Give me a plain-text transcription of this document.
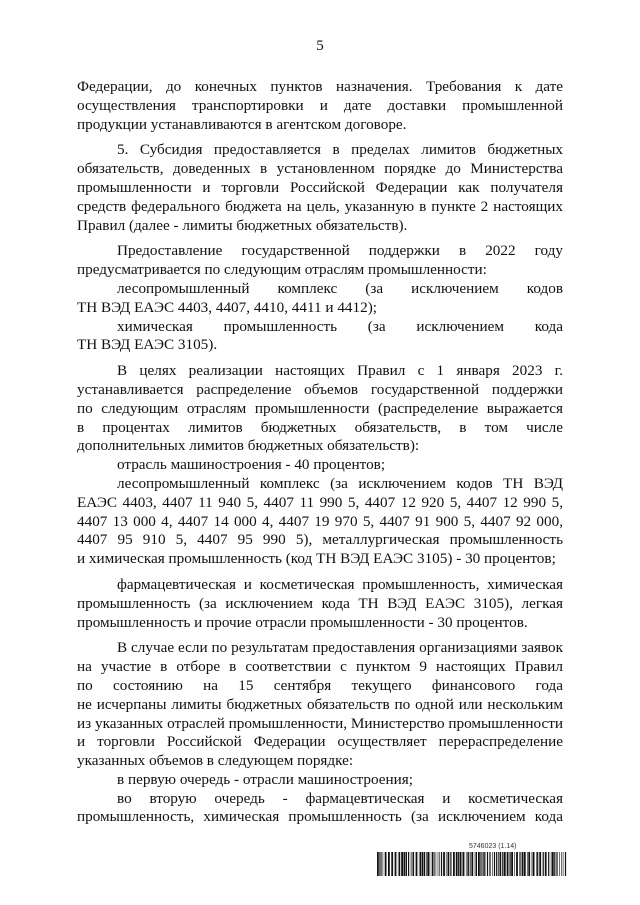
5
Федерации, до конечных пунктов назначения. Требования к дате
осуществления транспортировки и дате доставки промышленной
продукции устанавливаются в агентском договоре.
5. Субсидия предоставляется в пределах лимитов бюджетных
обязательств, доведенных в установленном порядке до Министерства
промышленности и торговли Российской Федерации как получателя
средств федерального бюджета на цель, указанную в пункте 2 настоящих
Правил (далее - лимиты бюджетных обязательств).
Предоставление государственной поддержки в 2022 году
предусматривается по следующим отраслям промышленности:
лесопромышленный комплекс (за исключением кодов
ТН ВЭД ЕАЭС 4403, 4407, 4410, 4411 и 4412);
химическая промышленность (за исключением кода
ТН ВЭД ЕАЭС 3105).
В целях реализации настоящих Правил с 1 января 2023 г.
устанавливается распределение объемов государственной поддержки
по следующим отраслям промышленности (распределение выражается
в процентах лимитов бюджетных обязательств, в том числе
дополнительных лимитов бюджетных обязательств):
отрасль машиностроения - 40 процентов;
лесопромышленный комплекс (за исключением кодов ТН ВЭД
ЕАЭС 4403, 4407 11 940 5, 4407 11 990 5, 4407 12 920 5, 4407 12 990 5,
4407 13 000 4, 4407 14 000 4, 4407 19 970 5, 4407 91 900 5, 4407 92 000,
4407 95 910 5, 4407 95 990 5), металлургическая промышленность
и химическая промышленность (код ТН ВЭД ЕАЭС 3105) - 30 процентов;
фармацевтическая и косметическая промышленность, химическая
промышленность (за исключением кода ТН ВЭД ЕАЭС 3105), легкая
промышленность и прочие отрасли промышленности - 30 процентов.
В случае если по результатам предоставления организациями заявок
на участие в отборе в соответствии с пунктом 9 настоящих Правил
по состоянию на 15 сентября текущего финансового года
не исчерпаны лимиты бюджетных обязательств по одной или нескольким
из указанных отраслей промышленности, Министерство промышленности
и торговли Российской Федерации осуществляет перераспределение
указанных объемов в следующем порядке:
в первую очередь - отрасли машиностроения;
во вторую очередь - фармацевтическая и косметическая
промышленность, химическая промышленность (за исключением кода
5746023 (1.14)
